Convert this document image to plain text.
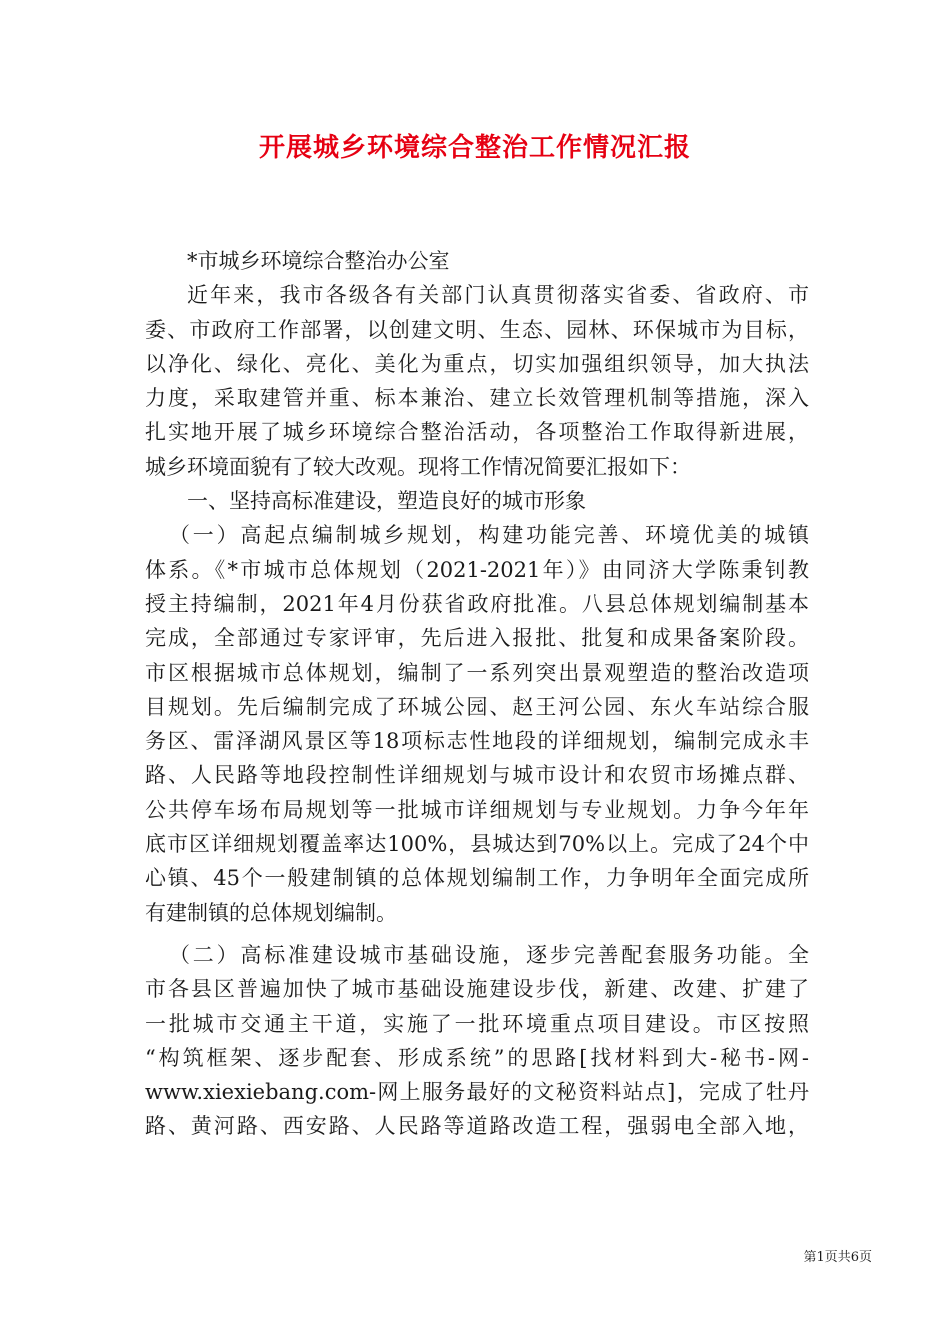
开展城乡环境综合整治工作情况汇报
*市城乡环境综合整治办公室
近年来，我市各级各有关部门认真贯彻落实省委、省政府、市
委、市政府工作部署，以创建文明、生态、园林、环保城市为目标，
以净化、绿化、亮化、美化为重点，切实加强组织领导，加大执法
力度，采取建管并重、标本兼治、建立长效管理机制等措施，深入
扎实地开展了城乡环境综合整治活动，各项整治工作取得新进展，
城乡环境面貌有了较大改观。现将工作情况简要汇报如下：
一、坚持高标准建设，塑造良好的城市形象
（一）高起点编制城乡规划，构建功能完善、环境优美的城镇
体系。《*市城市总体规划（2021-2021年）》由同济大学陈秉钊教
授主持编制，2021年4月份获省政府批准。八县总体规划编制基本
完成，全部通过专家评审，先后进入报批、批复和成果备案阶段。
市区根据城市总体规划，编制了一系列突出景观塑造的整治改造项
目规划。先后编制完成了环城公园、赵王河公园、东火车站综合服
务区、雷泽湖风景区等18项标志性地段的详细规划，编制完成永丰
路、人民路等地段控制性详细规划与城市设计和农贸市场摊点群、
公共停车场布局规划等一批城市详细规划与专业规划。力争今年年
底市区详细规划覆盖率达100%，县城达到70%以上。完成了24个中
心镇、45个一般建制镇的总体规划编制工作，力争明年全面完成所
有建制镇的总体规划编制。
（二）高标准建设城市基础设施，逐步完善配套服务功能。全
市各县区普遍加快了城市基础设施建设步伐，新建、改建、扩建了
一批城市交通主干道，实施了一批环境重点项目建设。市区按照
“构筑框架、逐步配套、形成系统”的思路[找材料到大-秘书-网-
www.xiexiebang.com-网上服务最好的文秘资料站点]，完成了牡丹
路、黄河路、西安路、人民路等道路改造工程，强弱电全部入地，
第1页共6页
